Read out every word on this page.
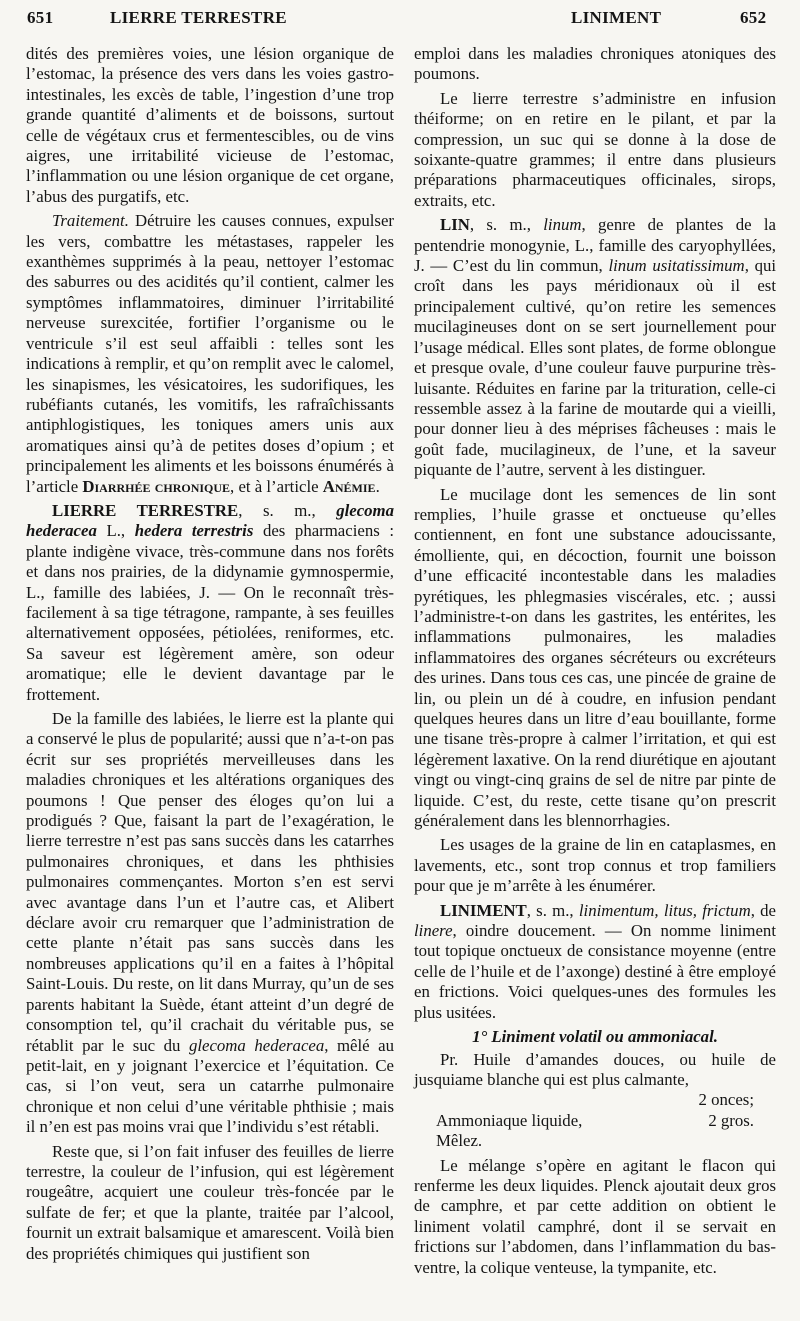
651	LIERRE TERRESTRE	LINIMENT	652

dités des premières voies, une lésion organique de l’estomac, la présence des vers dans les voies gastro-intestinales, les excès de table, l’ingestion d’une trop grande quantité d’aliments et de boissons, surtout celle de végétaux crus et fermentescibles, ou de vins aigres, une irritabilité vicieuse de l’estomac, l’inflammation ou une lésion organique de cet organe, l’abus des purgatifs, etc.

Traitement. Détruire les causes connues, expulser les vers, combattre les métastases, rappeler les exanthèmes supprimés à la peau, nettoyer l’estomac des saburres ou des acidités qu’il contient, calmer les symptômes inflammatoires, diminuer l’irritabilité nerveuse surexcitée, fortifier l’organisme ou le ventricule s’il est seul affaibli : telles sont les indications à remplir, et qu’on remplit avec le calomel, les sinapismes, les vésicatoires, les sudorifiques, les rubéfiants cutanés, les vomitifs, les rafraîchissants antiphlogistiques, les toniques amers unis aux aromatiques ainsi qu’à de petites doses d’opium ; et principalement les aliments et les boissons énumérés à l’article Diarrhée chronique, et à l’article Anémie.

LIERRE TERRESTRE, s. m., glecoma hederacea L., hedera terrestris des pharmaciens : plante indigène vivace, très-commune dans nos forêts et dans nos prairies, de la didynamie gymnospermie, L., famille des labiées, J. — On le reconnaît très-facilement à sa tige tétragone, rampante, à ses feuilles alternativement opposées, pétiolées, reniformes, etc. Sa saveur est légèrement amère, son odeur aromatique; elle le devient davantage par le frottement.

De la famille des labiées, le lierre est la plante qui a conservé le plus de popularité; aussi que n’a-t-on pas écrit sur ses propriétés merveilleuses dans les maladies chroniques et les altérations organiques des poumons ! Que penser des éloges qu’on lui a prodigués ? Que, faisant la part de l’exagération, le lierre terrestre n’est pas sans succès dans les catarrhes pulmonaires chroniques, et dans les phthisies pulmonaires commençantes. Morton s’en est servi avec avantage dans l’un et l’autre cas, et Alibert déclare avoir cru remarquer que l’administration de cette plante n’était pas sans succès dans les nombreuses applications qu’il en a faites à l’hôpital Saint-Louis. Du reste, on lit dans Murray, qu’un de ses parents habitant la Suède, étant atteint d’un degré de consomption tel, qu’il crachait du véritable pus, se rétablit par le suc du glecoma hederacea, mêlé au petit-lait, en y joignant l’exercice et l’équitation. Ce cas, si l’on veut, sera un catarrhe pulmonaire chronique et non celui d’une véritable phthisie ; mais il n’en est pas moins vrai que l’individu s’est rétabli.

Reste que, si l’on fait infuser des feuilles de lierre terrestre, la couleur de l’infusion, qui est légèrement rougeâtre, acquiert une couleur très-foncée par le sulfate de fer; et que la plante, traitée par l’alcool, fournit un extrait balsamique et amarescent. Voilà bien des propriétés chimiques qui justifient son

emploi dans les maladies chroniques atoniques des poumons.

Le lierre terrestre s’administre en infusion théiforme; on en retire en le pilant, et par la compression, un suc qui se donne à la dose de soixante-quatre grammes; il entre dans plusieurs préparations pharmaceutiques officinales, sirops, extraits, etc.

LIN, s. m., linum, genre de plantes de la pentendrie monogynie, L., famille des caryophyllées, J. — C’est du lin commun, linum usitatissimum, qui croît dans les pays méridionaux où il est principalement cultivé, qu’on retire les semences mucilagineuses dont on se sert journellement pour l’usage médical. Elles sont plates, de forme oblongue et presque ovale, d’une couleur fauve purpurine très-luisante. Réduites en farine par la trituration, celle-ci ressemble assez à la farine de moutarde qui a vieilli, pour donner lieu à des méprises fâcheuses : mais le goût fade, mucilagineux, de l’une, et la saveur piquante de l’autre, servent à les distinguer.

Le mucilage dont les semences de lin sont remplies, l’huile grasse et onctueuse qu’elles contiennent, en font une substance adoucissante, émolliente, qui, en décoction, fournit une boisson d’une efficacité incontestable dans les maladies pyrétiques, les phlegmasies viscérales, etc. ; aussi l’administre-t-on dans les gastrites, les entérites, les inflammations pulmonaires, les maladies inflammatoires des organes sécréteurs ou excréteurs des urines. Dans tous ces cas, une pincée de graine de lin, ou plein un dé à coudre, en infusion pendant quelques heures dans un litre d’eau bouillante, forme une tisane très-propre à calmer l’irritation, et qui est légèrement laxative. On la rend diurétique en ajoutant vingt ou vingt-cinq grains de sel de nitre par pinte de liquide. C’est, du reste, cette tisane qu’on prescrit généralement dans les blennorrhagies.

Les usages de la graine de lin en cataplasmes, en lavements, etc., sont trop connus et trop familiers pour que je m’arrête à les énumérer.

LINIMENT, s. m., linimentum, litus, frictum, de linere, oindre doucement. — On nomme liniment tout topique onctueux de consistance moyenne (entre celle de l’huile et de l’axonge) destiné à être employé en frictions. Voici quelques-unes des formules les plus usitées.

1° Liniment volatil ou ammoniacal.

Pr. Huile d’amandes douces, ou huile de jusquiame blanche qui est plus calmante,

2 onces;

Ammoniaque liquide,	2 gros.

Mêlez.

Le mélange s’opère en agitant le flacon qui renferme les deux liquides. Plenck ajoutait deux gros de camphre, et par cette addition on obtient le liniment volatil camphré, dont il se servait en frictions sur l’abdomen, dans l’inflammation du bas-ventre, la colique venteuse, la tympanite, etc.
